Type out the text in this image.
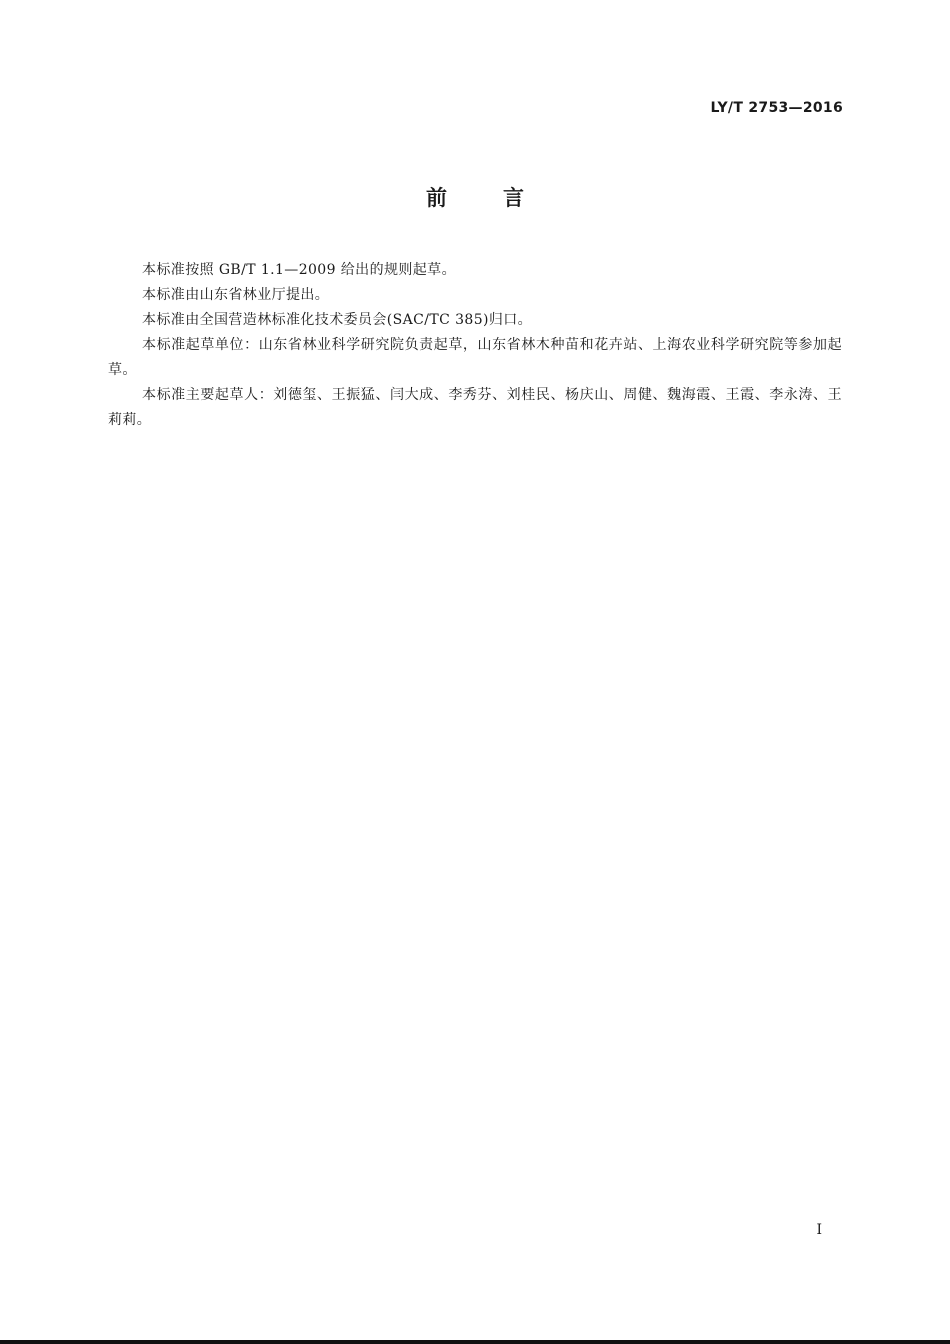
LY/T 2753—2016
前言

本标准按照 GB/T 1.1—2009 给出的规则起草。

本标准由山东省林业厅提出。

本标准由全国营造林标准化技术委员会(SAC/TC 385)归口。

本标准起草单位：山东省林业科学研究院负责起草，山东省林木种苗和花卉站、上海农业科学研究院等参加起草。

本标准主要起草人：刘德玺、王振猛、闫大成、李秀芬、刘桂民、杨庆山、周健、魏海霞、王霞、李永涛、王莉莉。

I
